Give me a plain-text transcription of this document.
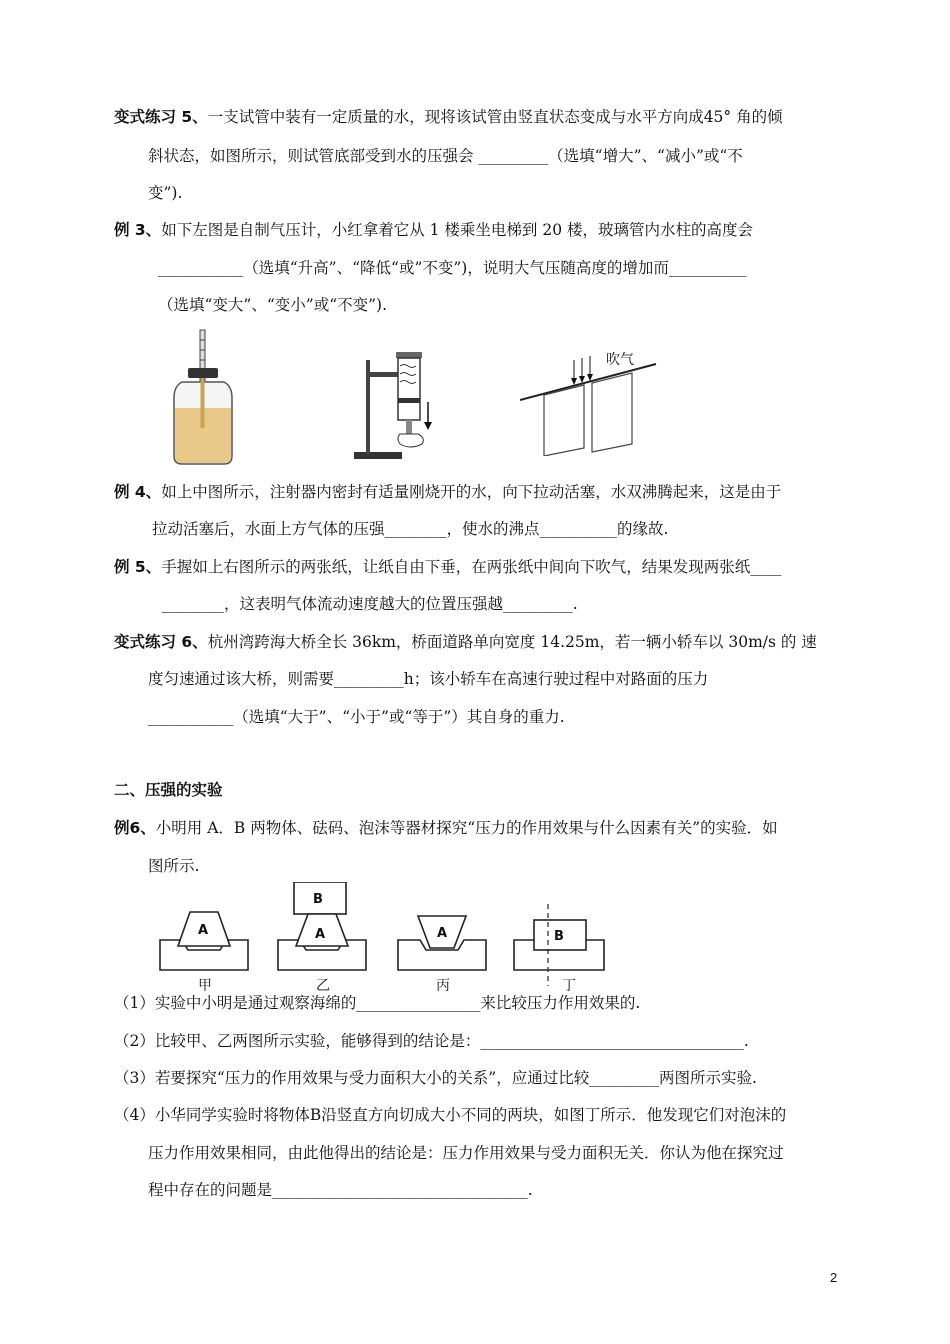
变式练习 5、一支试管中装有一定质量的水，现将该试管由竖直状态变成与水平方向成45° 角的倾
斜状态，如图所示，则试管底部受到水的压强会 _________（选填“增大”、“减小”或“不
变”).
例 3、如下左图是自制气压计，小红拿着它从 1 楼乘坐电梯到 20 楼，玻璃管内水柱的高度会
___________（选填“升高”、“降低“或”不变”)，说明大气压随高度的增加而__________
（选填“变大”、“变小”或“不变”).
吹气
例 4、如上中图所示，注射器内密封有适量刚烧开的水，向下拉动活塞，水双沸腾起来，这是由于
拉动活塞后，水面上方气体的压强________，使水的沸点__________的缘故.
例 5、手握如上右图所示的两张纸，让纸自由下垂，在两张纸中间向下吹气，结果发现两张纸____
________，这表明气体流动速度越大的位置压强越_________.
变式练习 6、杭州湾跨海大桥全长 36km，桥面道路单向宽度 14.25m，若一辆小轿车以 30m/s 的 速
度匀速通过该大桥，则需要_________h；该小轿车在高速行驶过程中对路面的压力
___________（选填“大于”、“小于”或“等于”）其自身的重力.
二、压强的实验
例6、小明用 A．B 两物体、砝码、泡沫等器材探究“压力的作用效果与什么因素有关”的实验．如
图所示.
A
甲
B
A
乙
A
丙
B
丁
（1）实验中小明是通过观察海绵的________________来比较压力作用效果的.
（2）比较甲、乙两图所示实验，能够得到的结论是：__________________________________.
（3）若要探究“压力的作用效果与受力面积大小的关系”，应通过比较_________两图所示实验.
（4）小华同学实验时将物体B沿竖直方向切成大小不同的两块，如图丁所示．他发现它们对泡沫的
压力作用效果相同，由此他得出的结论是：压力作用效果与受力面积无关．你认为他在探究过
程中存在的问题是_________________________________.
2
